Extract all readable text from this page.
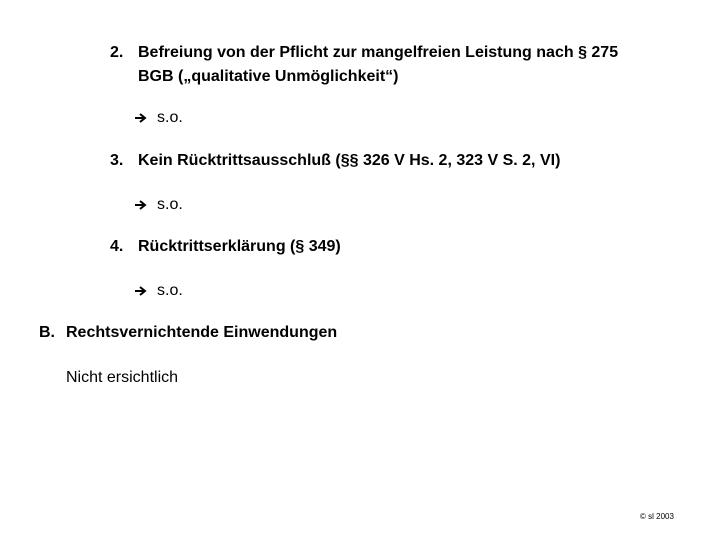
2. Befreiung von der Pflicht zur mangelfreien Leistung nach § 275
BGB („qualitative Unmöglichkeit“)
s.o.
3. Kein Rücktrittsausschluß (§§ 326 V Hs. 2, 323 V S. 2, VI)
s.o.
4. Rücktrittserklärung (§ 349)
s.o.
B. Rechtsvernichtende Einwendungen
Nicht ersichtlich
© sl 2003
